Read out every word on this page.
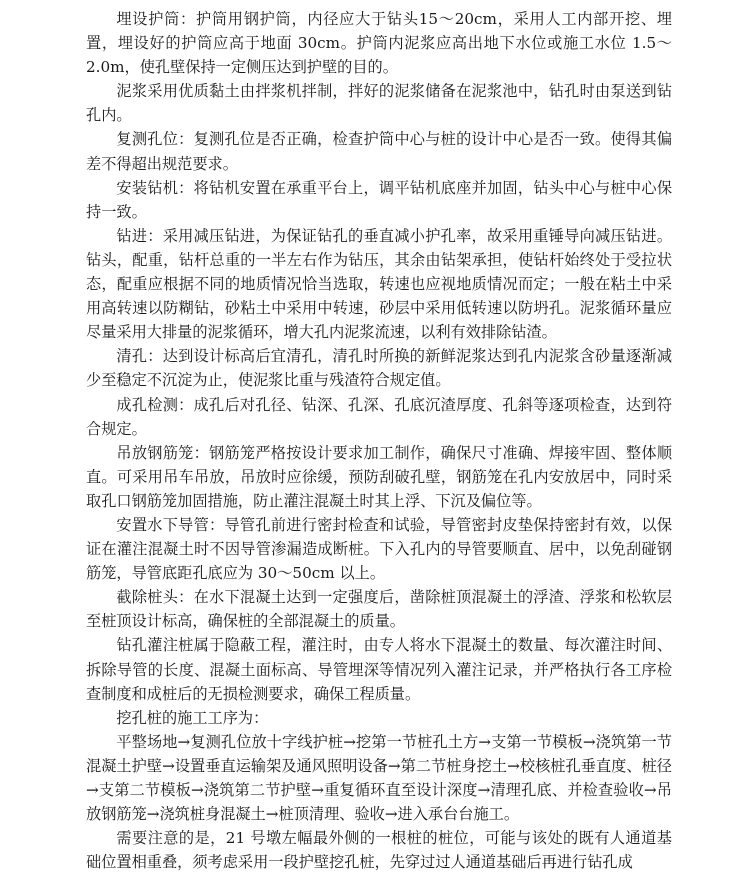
埋设护筒：护筒用钢护筒，内径应大于钻头15～20cm，采用人工内部开挖、埋置，埋设好的护筒应高于地面 30cm。护筒内泥浆应高出地下水位或施工水位 1.5～2.0m，使孔壁保持一定侧压达到护壁的目的。

泥浆采用优质黏土由拌浆机拌制，拌好的泥浆储备在泥浆池中，钻孔时由泵送到钻孔内。

复测孔位：复测孔位是否正确，检查护筒中心与桩的设计中心是否一致。使得其偏差不得超出规范要求。

安装钻机：将钻机安置在承重平台上，调平钻机底座并加固，钻头中心与桩中心保持一致。

钻进：采用减压钻进，为保证钻孔的垂直减小护孔率，故采用重锤导向减压钻进。钻头，配重，钻杆总重的一半左右作为钻压，其余由钻架承担，使钻杆始终处于受拉状态，配重应根据不同的地质情况恰当选取，转速也应视地质情况而定；一般在粘土中采用高转速以防糊钻，砂粘土中采用中转速，砂层中采用低转速以防坍孔。泥浆循环量应尽量采用大排量的泥浆循环，增大孔内泥浆流速，以利有效排除钻渣。

清孔：达到设计标高后宜清孔，清孔时所换的新鲜泥浆达到孔内泥浆含砂量逐渐减少至稳定不沉淀为止，使泥浆比重与残渣符合规定值。

成孔检测：成孔后对孔径、钻深、孔深、孔底沉渣厚度、孔斜等逐项检查，达到符合规定。

吊放钢筋笼：钢筋笼严格按设计要求加工制作，确保尺寸准确、焊接牢固、整体顺直。可采用吊车吊放，吊放时应徐缓，预防刮破孔壁，钢筋笼在孔内安放居中，同时采取孔口钢筋笼加固措施，防止灌注混凝土时其上浮、下沉及偏位等。

安置水下导管：导管孔前进行密封检查和试验，导管密封皮垫保持密封有效，以保证在灌注混凝土时不因导管渗漏造成断桩。下入孔内的导管要顺直、居中，以免刮碰钢筋笼，导管底距孔底应为 30～50cm 以上。

截除桩头：在水下混凝土达到一定强度后，凿除桩顶混凝土的浮渣、浮浆和松软层至桩顶设计标高，确保桩的全部混凝土的质量。

钻孔灌注桩属于隐蔽工程，灌注时，由专人将水下混凝土的数量、每次灌注时间、拆除导管的长度、混凝土面标高、导管埋深等情况列入灌注记录，并严格执行各工序检查制度和成桩后的无损检测要求，确保工程质量。

挖孔桩的施工工序为：

平整场地→复测孔位放十字线护桩→挖第一节桩孔土方→支第一节模板→浇筑第一节混凝土护壁→设置垂直运输架及通风照明设备→第二节桩身挖土→校核桩孔垂直度、桩径→支第二节模板→浇筑第二节护壁→重复循环直至设计深度→清理孔底、并检查验收→吊放钢筋笼→浇筑桩身混凝土→桩顶清理、验收→进入承台台施工。

需要注意的是，21 号墩左幅最外侧的一根桩的桩位，可能与该处的既有人通道基础位置相重叠，须考虑采用一段护壁挖孔桩，先穿过过人通道基础后再进行钻孔成
